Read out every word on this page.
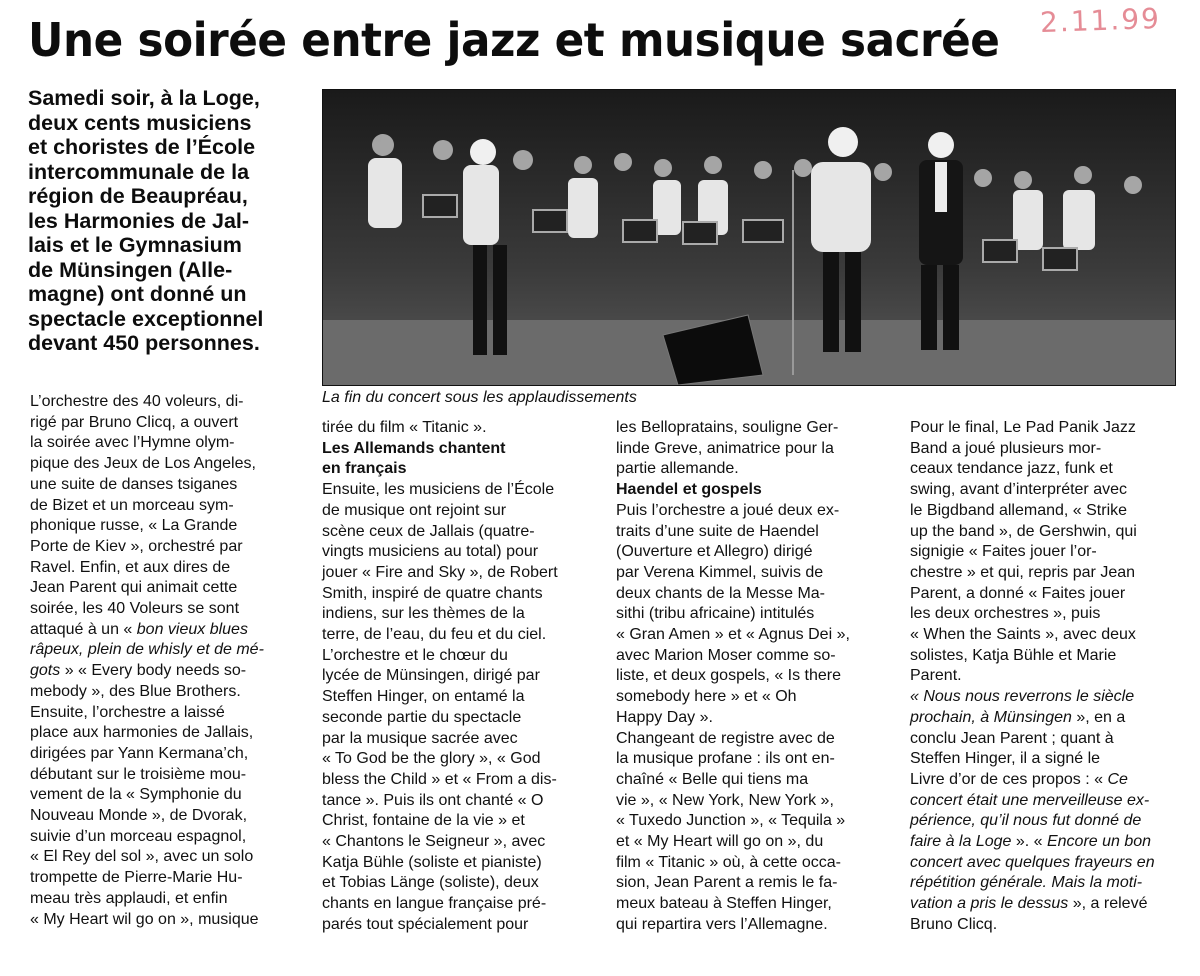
Une soirée entre jazz et musique sacrée 2.11.99
Samedi soir, à la Loge,
deux cents musiciens
et choristes de l’École
intercommunale de la
région de Beaupréau,
les Harmonies de Jal-
lais et le Gymnasium
de Münsingen (Alle-
magne) ont donné un
spectacle exceptionnel
devant 450 personnes.
La fin du concert sous les applaudissements
L’orchestre des 40 voleurs, di-
rigé par Bruno Clicq, a ouvert
la soirée avec l’Hymne olym-
pique des Jeux de Los Angeles,
une suite de danses tsiganes
de Bizet et un morceau sym-
phonique russe, « La Grande
Porte de Kiev », orchestré par
Ravel. Enfin, et aux dires de
Jean Parent qui animait cette
soirée, les 40 Voleurs se sont
attaqué à un « bon vieux blues
râpeux, plein de whisly et de mé-
gots » « Every body needs so-
mebody », des Blue Brothers.
Ensuite, l’orchestre a laissé
place aux harmonies de Jallais,
dirigées par Yann Kermana’ch,
débutant sur le troisième mou-
vement de la « Symphonie du
Nouveau Monde », de Dvorak,
suivie d’un morceau espagnol,
« El Rey del sol », avec un solo
trompette de Pierre-Marie Hu-
meau très applaudi, et enfin
« My Heart wil go on », musique
tirée du film « Titanic ».
Les Allemands chantent
en français
Ensuite, les musiciens de l’École
de musique ont rejoint sur
scène ceux de Jallais (quatre-
vingts musiciens au total) pour
jouer « Fire and Sky », de Robert
Smith, inspiré de quatre chants
indiens, sur les thèmes de la
terre, de l’eau, du feu et du ciel.
L’orchestre et le chœur du
lycée de Münsingen, dirigé par
Steffen Hinger, on entamé la
seconde partie du spectacle
par la musique sacrée avec
« To God be the glory », « God
bless the Child » et « From a dis-
tance ». Puis ils ont chanté « O
Christ, fontaine de la vie » et
« Chantons le Seigneur », avec
Katja Bühle (soliste et pianiste)
et Tobias Länge (soliste), deux
chants en langue française pré-
parés tout spécialement pour
les Bellopratains, souligne Ger-
linde Greve, animatrice pour la
partie allemande.
Haendel et gospels
Puis l’orchestre a joué deux ex-
traits d’une suite de Haendel
(Ouverture et Allegro) dirigé
par Verena Kimmel, suivis de
deux chants de la Messe Ma-
sithi (tribu africaine) intitulés
« Gran Amen » et « Agnus Dei »,
avec Marion Moser comme so-
liste, et deux gospels, « Is there
somebody here » et « Oh
Happy Day ».
Changeant de registre avec de
la musique profane : ils ont en-
chaîné « Belle qui tiens ma
vie », « New York, New York »,
« Tuxedo Junction », « Tequila »
et « My Heart will go on », du
film « Titanic » où, à cette occa-
sion, Jean Parent a remis le fa-
meux bateau à Steffen Hinger,
qui repartira vers l’Allemagne.
Pour le final, Le Pad Panik Jazz
Band a joué plusieurs mor-
ceaux tendance jazz, funk et
swing, avant d’interpréter avec
le Bigdband allemand, « Strike
up the band », de Gershwin, qui
signigie « Faites jouer l’or-
chestre » et qui, repris par Jean
Parent, a donné « Faites jouer
les deux orchestres », puis
« When the Saints », avec deux
solistes, Katja Bühle et Marie
Parent.
« Nous nous reverrons le siècle
prochain, à Münsingen », en a
conclu Jean Parent ; quant à
Steffen Hinger, il a signé le
Livre d’or de ces propos : « Ce
concert était une merveilleuse ex-
périence, qu’il nous fut donné de
faire à la Loge ». « Encore un bon
concert avec quelques frayeurs en
répétition générale. Mais la moti-
vation a pris le dessus », a relevé
Bruno Clicq.
